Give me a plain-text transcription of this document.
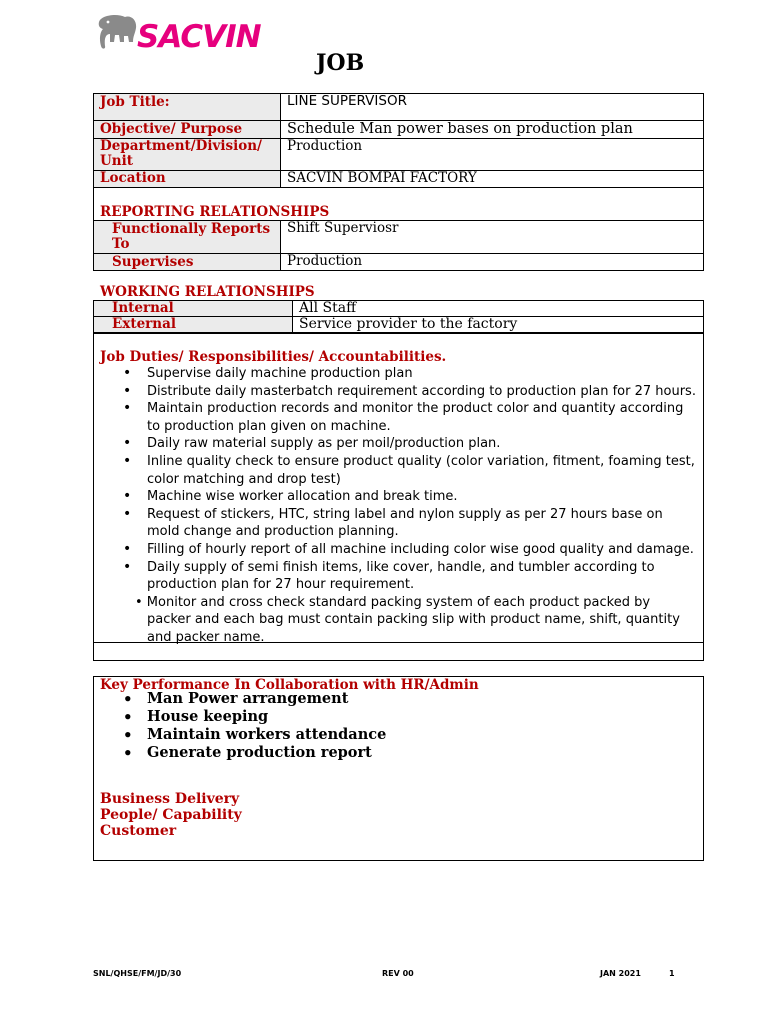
SACVIN
JOB
Job Title:	LINE SUPERVISOR
Objective/ Purpose	Schedule Man power bases on production plan
Department/Division/ Unit	Production
Location	SACVIN BOMPAI FACTORY
REPORTING RELATIONSHIPS	
Functionally Reports To	Shift Superviosr
Supervises	Production
WORKING RELATIONSHIPS
Internal	All Staff
External	Service provider to the factory
Job Duties/ Responsibilities/ Accountabilities.
• Supervise daily machine production plan
• Distribute daily masterbatch requirement according to production plan for 27 hours.
• Maintain production records and monitor the product color and quantity according to production plan given on machine.
• Daily raw material supply as per moil/production plan.
• Inline quality check to ensure product quality (color variation, fitment, foaming test, color matching and drop test)
• Machine wise worker allocation and break time.
• Request of stickers, HTC, string label and nylon supply as per 27 hours base on mold change and production planning.
• Filling of hourly report of all machine including color wise good quality and damage.
• Daily supply of semi finish items, like cover, handle, and tumbler according to production plan for 27 hour requirement.
• Monitor and cross check standard packing system of each product packed by packer and each bag must contain packing slip with product name, shift, quantity and packer name.
Key Performance In Collaboration with HR/Admin
• Man Power arrangement
• House keeping
• Maintain workers attendance
• Generate production report
Business Delivery
People/ Capability
Customer
SNL/QHSE/FM/JD/30	REV 00	JAN 2021	1
